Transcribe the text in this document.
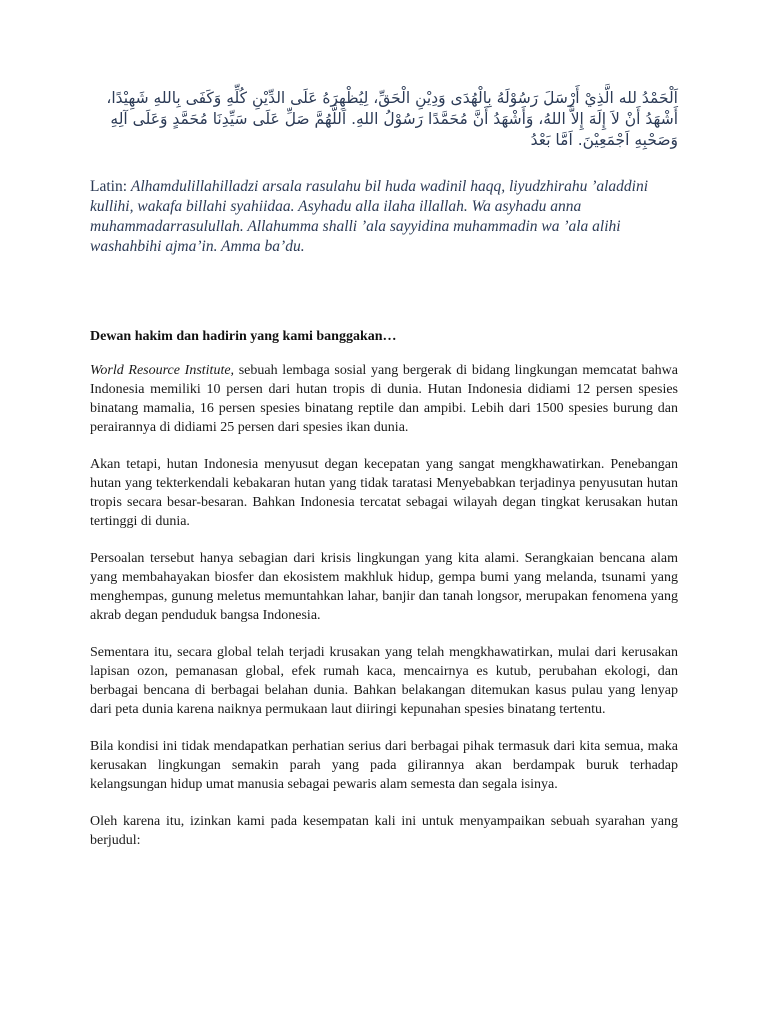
اَلْحَمْدُ لله الَّذِيْ أَرْسَلَ رَسُوْلَهُ بِالْهُدَى وَدِيْنِ الْحَقِّ، لِيُظْهِرَهُ عَلَى الدِّيْنِ كُلِّهِ وَكَفَى بِاللهِ شَهِيْدًا، أَشْهَدُ أَنْ لاَ إِلَهَ إِلاَّ اللهُ، وَأَشْهَدُ أَنَّ مُحَمَّدًا رَسُوْلُ اللهِ. اَللَّهُمَّ صَلِّ عَلَى سَيِّدِنَا مُحَمَّدٍ وَعَلَى آلِهِ وَصَحْبِهِ اَجْمَعِيْنَ. اَمَّا بَعْدُ

Latin: Alhamdulillahilladzi arsala rasulahu bil huda wadinil haqq, liyudzhirahu ’aladdini kullihi, wakafa billahi syahiidaa. Asyhadu alla ilaha illallah. Wa asyhadu anna muhammadarrasulullah. Allahumma shalli ’ala sayyidina muhammadin wa ’ala alihi washahbihi ajma’in. Amma ba’du.

Dewan hakim dan hadirin yang kami banggakan…

World Resource Institute, sebuah lembaga sosial yang bergerak di bidang lingkungan memcatat bahwa Indonesia memiliki 10 persen dari hutan tropis di dunia. Hutan Indonesia didiami 12 persen spesies binatang mamalia, 16 persen spesies binatang reptile dan ampibi. Lebih dari 1500 spesies burung dan perairannya di didiami 25 persen dari spesies ikan dunia.

Akan tetapi, hutan Indonesia menyusut degan kecepatan yang sangat mengkhawatirkan. Penebangan hutan yang tekterkendali kebakaran hutan yang tidak taratasi Menyebabkan terjadinya penyusutan hutan tropis secara besar-besaran. Bahkan Indonesia tercatat sebagai wilayah degan tingkat kerusakan hutan tertinggi di dunia.

Persoalan tersebut hanya sebagian dari krisis lingkungan yang kita alami. Serangkaian bencana alam yang membahayakan biosfer dan ekosistem makhluk hidup, gempa bumi yang melanda, tsunami yang menghempas, gunung meletus memuntahkan lahar, banjir dan tanah longsor, merupakan fenomena yang akrab degan penduduk bangsa Indonesia.

Sementara itu, secara global telah terjadi krusakan yang telah mengkhawatirkan, mulai dari kerusakan lapisan ozon, pemanasan global, efek rumah kaca, mencairnya es kutub, perubahan ekologi, dan berbagai bencana di berbagai belahan dunia. Bahkan belakangan ditemukan kasus pulau yang lenyap dari peta dunia karena naiknya permukaan laut diiringi kepunahan spesies binatang tertentu.

Bila kondisi ini tidak mendapatkan perhatian serius dari berbagai pihak termasuk dari kita semua, maka kerusakan lingkungan semakin parah yang pada gilirannya akan berdampak buruk terhadap kelangsungan hidup umat manusia sebagai pewaris alam semesta dan segala isinya.

Oleh karena itu, izinkan kami pada kesempatan kali ini untuk menyampaikan sebuah syarahan yang berjudul:
